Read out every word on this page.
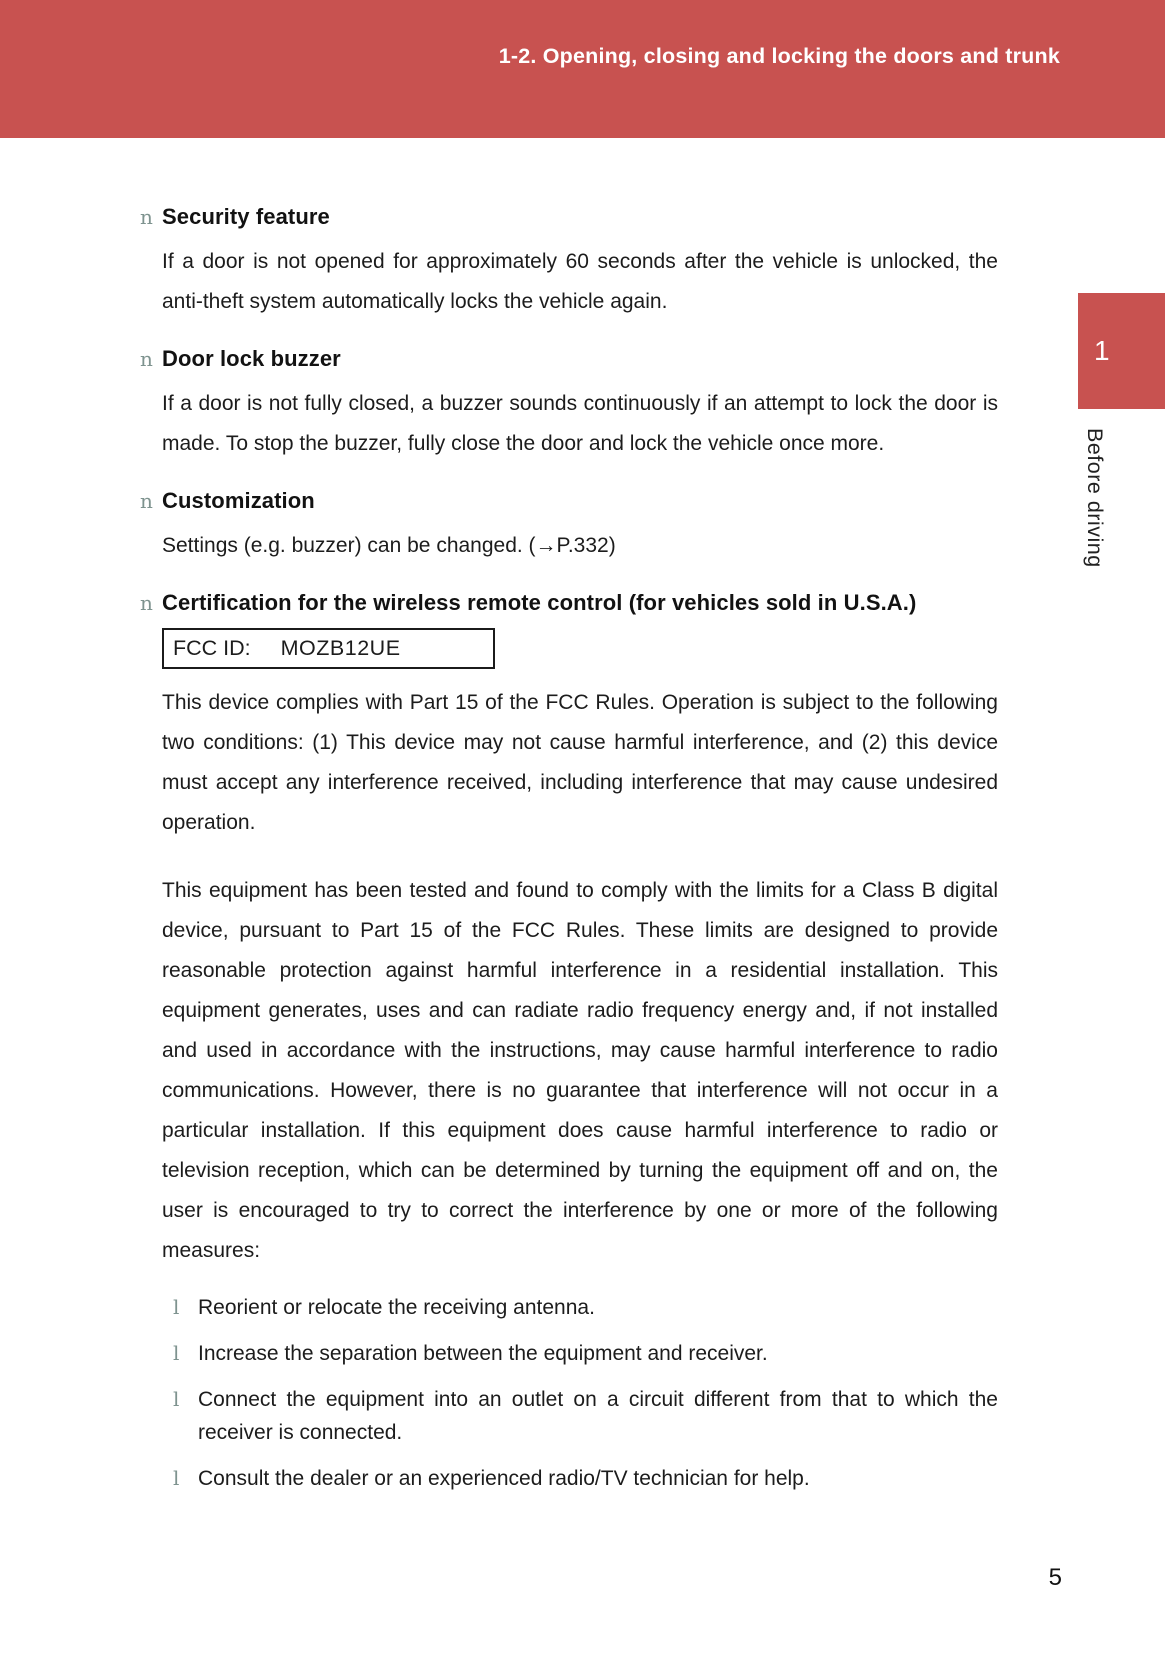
1-2. Opening, closing and locking the doors and trunk
1
Before driving
n Security feature

If a door is not opened for approximately 60 seconds after the vehicle is unlocked, the anti-theft system automatically locks the vehicle again.

n Door lock buzzer

If a door is not fully closed, a buzzer sounds continuously if an attempt to lock the door is made. To stop the buzzer, fully close the door and lock the vehicle once more.

n Customization

Settings (e.g. buzzer) can be changed. (→P.332)

n Certification for the wireless remote control (for vehicles sold in U.S.A.)
FCC ID: MOZB12UE

This device complies with Part 15 of the FCC Rules. Operation is subject to the following two conditions: (1) This device may not cause harmful interference, and (2) this device must accept any interference received, including interference that may cause undesired operation.

This equipment has been tested and found to comply with the limits for a Class B digital device, pursuant to Part 15 of the FCC Rules. These limits are designed to provide reasonable protection against harmful interference in a residential installation. This equipment generates, uses and can radiate radio frequency energy and, if not installed and used in accordance with the instructions, may cause harmful interference to radio communications. However, there is no guarantee that interference will not occur in a particular installation. If this equipment does cause harmful interference to radio or television reception, which can be determined by turning the equipment off and on, the user is encouraged to try to correct the interference by one or more of the following measures:

l Reorient or relocate the receiving antenna.
l Increase the separation between the equipment and receiver.
l Connect the equipment into an outlet on a circuit different from that to which the receiver is connected.
l Consult the dealer or an experienced radio/TV technician for help.
5
